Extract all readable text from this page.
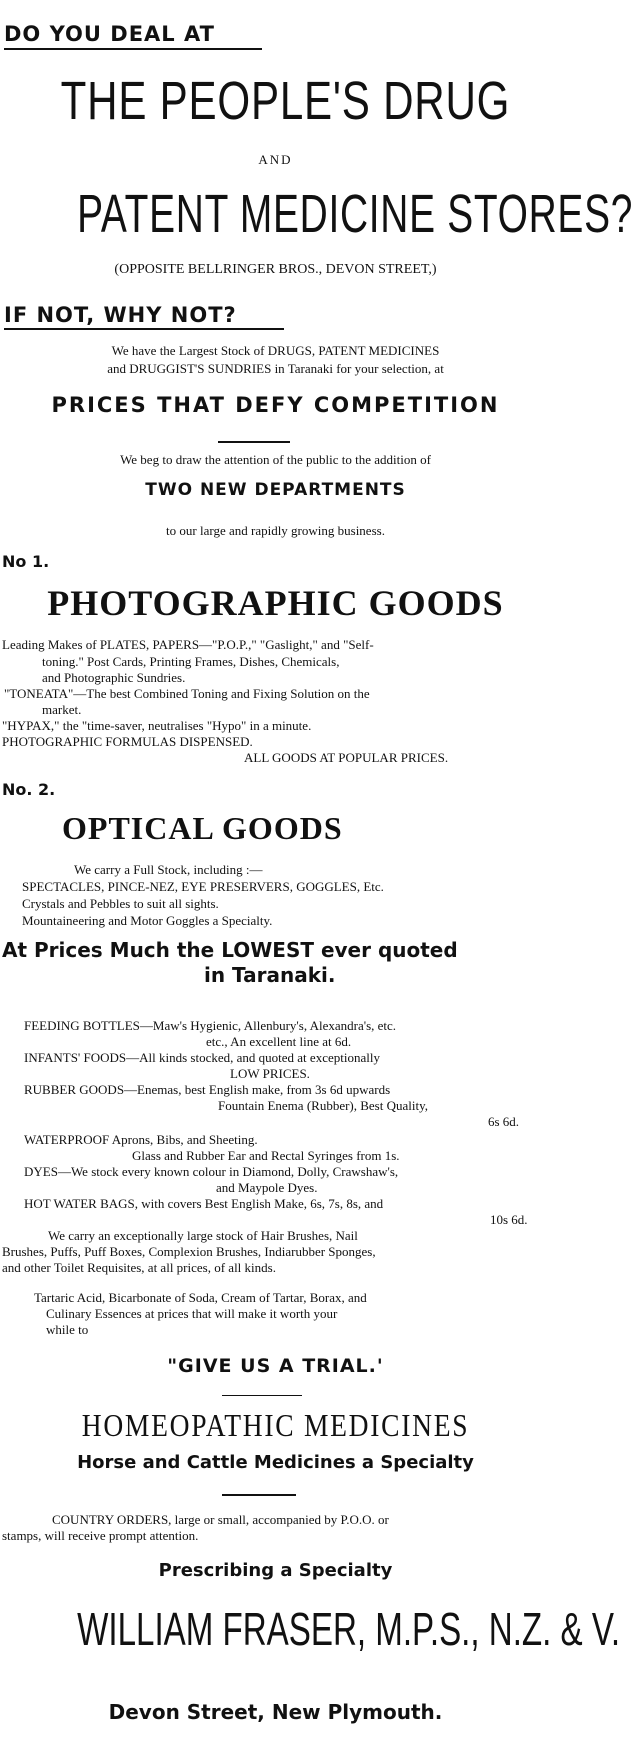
DO YOU DEAL AT
THE PEOPLE'S DRUG
AND
PATENT MEDICINE STORES?
(OPPOSITE BELLRINGER BROS., DEVON STREET,)
IF NOT, WHY NOT?
We have the Largest Stock of DRUGS, PATENT MEDICINES
and DRUGGIST'S SUNDRIES in Taranaki for your selection, at
PRICES THAT DEFY COMPETITION
We beg to draw the attention of the public to the addition of
TWO NEW DEPARTMENTS
to our large and rapidly growing business.
No 1.
PHOTOGRAPHIC GOODS
Leading Makes of PLATES, PAPERS—"P.O.P.," "Gaslight," and "Self-
toning." Post Cards, Printing Frames, Dishes, Chemicals,
and Photographic Sundries.
"TONEATA"—The best Combined Toning and Fixing Solution on the
market.
"HYPAX," the "time-saver, neutralises "Hypo" in a minute.
PHOTOGRAPHIC FORMULAS DISPENSED.
ALL GOODS AT POPULAR PRICES.
No. 2.
OPTICAL GOODS
We carry a Full Stock, including :—
SPECTACLES, PINCE-NEZ, EYE PRESERVERS, GOGGLES, Etc.
Crystals and Pebbles to suit all sights.
Mountaineering and Motor Goggles a Specialty.
At Prices Much the LOWEST ever quoted
in Taranaki.
FEEDING BOTTLES—Maw's Hygienic, Allenbury's, Alexandra's, etc.
etc., An excellent line at 6d.
INFANTS' FOODS—All kinds stocked, and quoted at exceptionally
LOW PRICES.
RUBBER GOODS—Enemas, best English make, from 3s 6d upwards
Fountain Enema (Rubber), Best Quality,
6s 6d.
WATERPROOF Aprons, Bibs, and Sheeting.
Glass and Rubber Ear and Rectal Syringes from 1s.
DYES—We stock every known colour in Diamond, Dolly, Crawshaw's,
and Maypole Dyes.
HOT WATER BAGS, with covers Best English Make, 6s, 7s, 8s, and
10s 6d.
We carry an exceptionally large stock of Hair Brushes, Nail
Brushes, Puffs, Puff Boxes, Complexion Brushes, Indiarubber Sponges,
and other Toilet Requisites, at all prices, of all kinds.
Tartaric Acid, Bicarbonate of Soda, Cream of Tartar, Borax, and
Culinary Essences at prices that will make it worth your
while to
"GIVE US A TRIAL.'
HOMEOPATHIC MEDICINES
Horse and Cattle Medicines a Specialty
COUNTRY ORDERS, large or small, accompanied by P.O.O. or
stamps, will receive prompt attention.
Prescribing a Specialty
WILLIAM FRASER, M.P.S., N.Z. & V.
Devon Street, New Plymouth.
